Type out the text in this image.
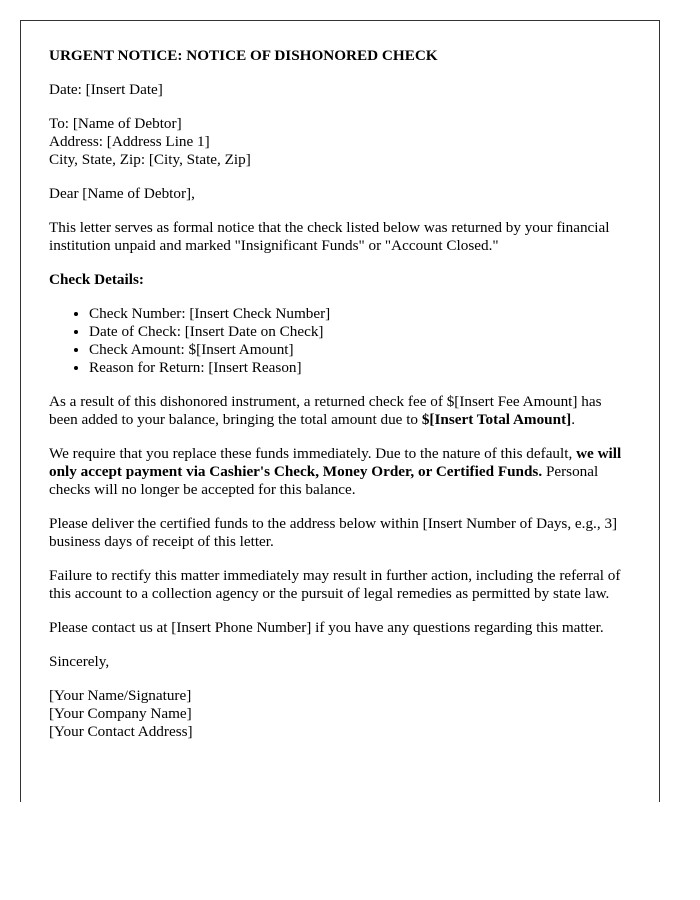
URGENT NOTICE: NOTICE OF DISHONORED CHECK

Date: [Insert Date]

To: [Name of Debtor]
Address: [Address Line 1]
City, State, Zip: [City, State, Zip]

Dear [Name of Debtor],

This letter serves as formal notice that the check listed below was returned by your financial institution unpaid and marked "Insignificant Funds" or "Account Closed."

Check Details:

• Check Number: [Insert Check Number]
• Date of Check: [Insert Date on Check]
• Check Amount: $[Insert Amount]
• Reason for Return: [Insert Reason]

As a result of this dishonored instrument, a returned check fee of $[Insert Fee Amount] has been added to your balance, bringing the total amount due to $[Insert Total Amount].

We require that you replace these funds immediately. Due to the nature of this default, we will only accept payment via Cashier's Check, Money Order, or Certified Funds. Personal checks will no longer be accepted for this balance.

Please deliver the certified funds to the address below within [Insert Number of Days, e.g., 3] business days of receipt of this letter.

Failure to rectify this matter immediately may result in further action, including the referral of this account to a collection agency or the pursuit of legal remedies as permitted by state law.

Please contact us at [Insert Phone Number] if you have any questions regarding this matter.

Sincerely,

[Your Name/Signature]
[Your Company Name]
[Your Contact Address]
